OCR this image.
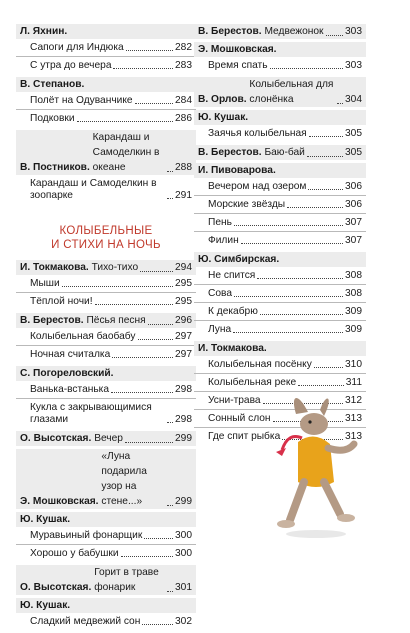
Л. Яхнин.
Сапоги для Индюка	282
С утра до вечера	283
В. Степанов.
Полёт на Одуванчике	284
Подковки	286
В. Постников.

Карандаш и Самоделкин в океане	288
Карандаш и Самоделкин в зоопарке	291
КОЛЫБЕЛЬНЫЕ
И СТИХИ НА НОЧЬ
И. Токмакова.
Тихо-тихо	294
Мыши	295
Тёплой ночи!	295
В. Берестов.
Пёсья песня	296
Колыбельная баобабу	297
Ночная считалка	297
С. Погореловский.
Ванька-встанька	298
Кукла с закрывающимися глазами	298
О. Высотская.
Вечер	299
Э. Мошковская.

«Луна подарила узор на стене...»	299
Ю. Кушак.
Муравьиный фонарщик	300
Хорошо у бабушки	300
О. Высотская.

Горит в траве фонарик	301
Ю. Кушак.
Сладкий медвежий сон	302
В. Берестов.
Медвежонок 303
Э. Мошковская.
Время спать	303
В. Орлов.

Колыбельная для слонёнка	304
Ю. Кушак.
Заячья колыбельная	305
В. Берестов.
Баю-бай	305
И. Пивоварова.
Вечером над озером	306
Морские звёзды	306
Пень	307
Филин	307
Ю. Симбирская.
Не спится	308
Сова	308
К декабрю	309
Луна	309
И. Токмакова.
Колыбельная посёнку	310
Колыбельная реке	311
Усни-трава	312
Сонный слон	313
Где спит рыбка	313
